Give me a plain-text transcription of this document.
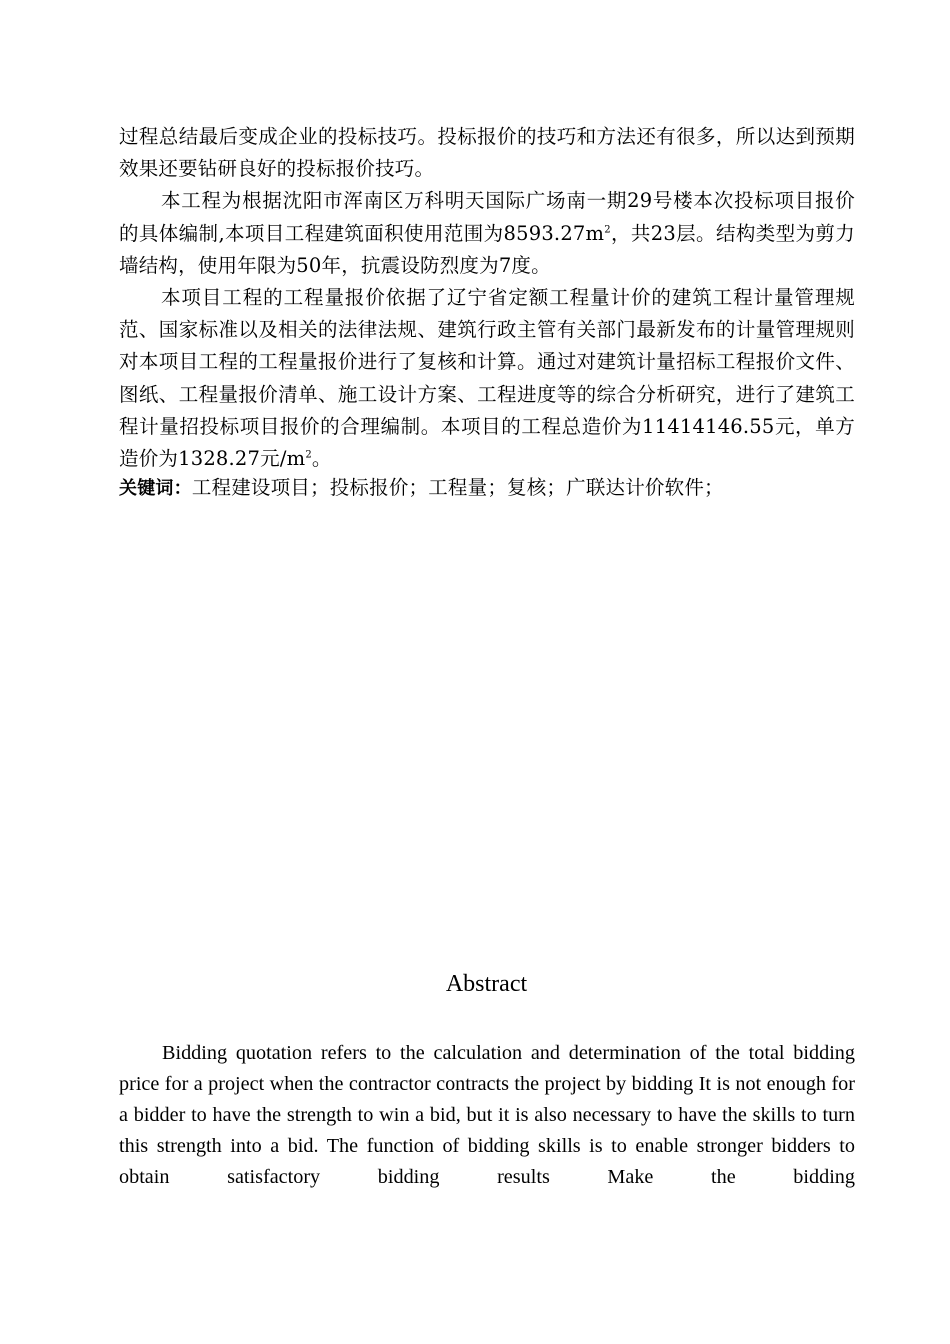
过程总结最后变成企业的投标技巧。投标报价的技巧和方法还有很多，所以达到预期效果还要钻研良好的投标报价技巧。

本工程为根据沈阳市浑南区万科明天国际广场南一期29号楼本次投标项目报价的具体编制,本项目工程建筑面积使用范围为$8593.27m^2$，共23层。结构类型为剪力墙结构，使用年限为50年，抗震设防烈度为7度。

本项目工程的工程量报价依据了辽宁省定额工程量计价的建筑工程计量管理规范、国家标准以及相关的法律法规、建筑行政主管有关部门最新发布的计量管理规则对本项目工程的工程量报价进行了复核和计算。通过对建筑计量招标工程报价文件、图纸、工程量报价清单、施工设计方案、工程进度等的综合分析研究，进行了建筑工程计量招投标项目报价的合理编制。本项目的工程总造价为11414146.55元，单方造价为1328.27元$/m^2$。

关键词：工程建设项目；投标报价；工程量；复核；广联达计价软件；
Abstract

Bidding quotation refers to the calculation and determination of the total bidding price for a project when the contractor contracts the project by bidding It is not enough for a bidder to have the strength to win a bid, but it is also necessary to have the skills to turn this strength into a bid. The function of bidding skills is to enable stronger bidders to obtain satisfactory bidding results Make the bidding
